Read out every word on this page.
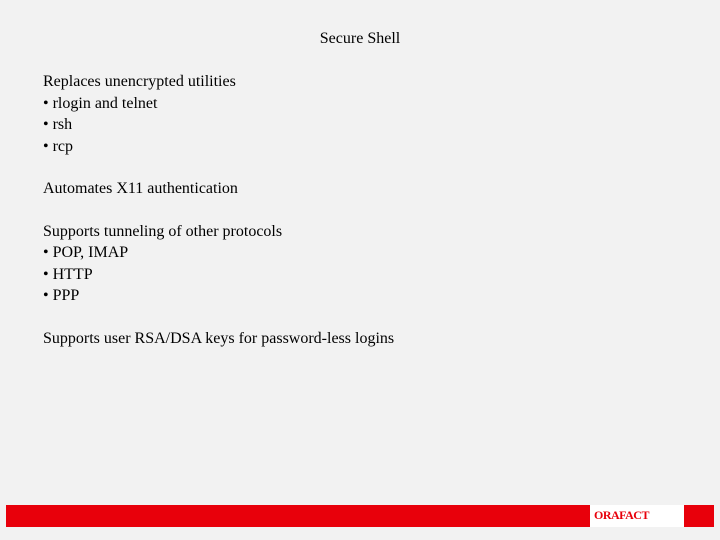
Secure Shell
Replaces unencrypted utilities
• rlogin and telnet
• rsh
• rcp
Automates X11 authentication
Supports tunneling of other protocols
• POP, IMAP
• HTTP
• PPP
Supports user RSA/DSA keys for password-less logins
ORAFACT
